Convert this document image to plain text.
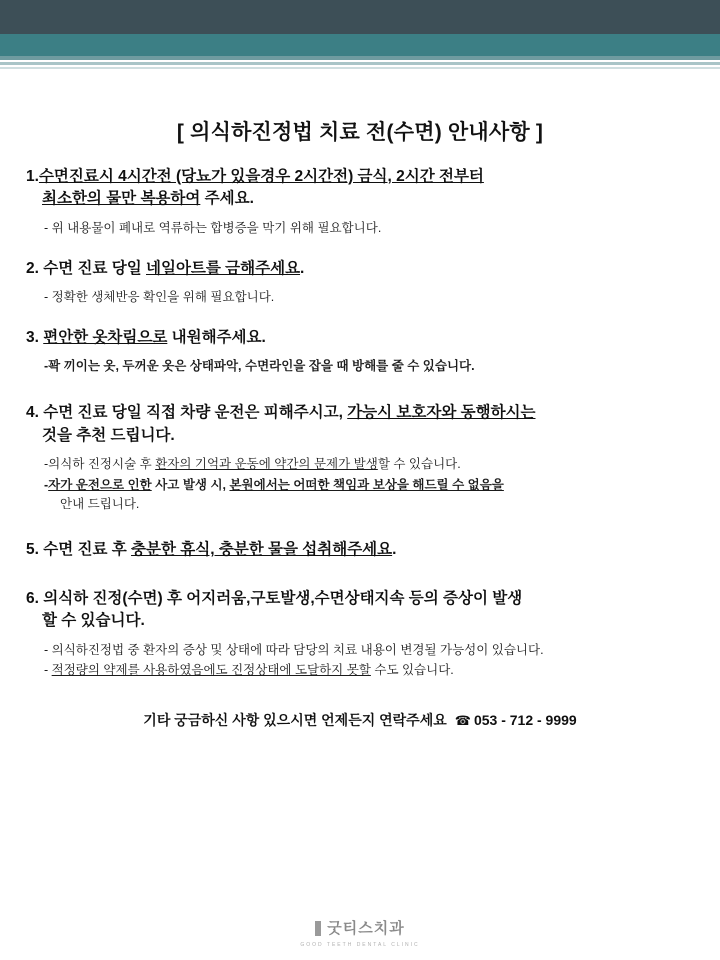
[ 의식하진정법 치료 전(수면) 안내사항 ]

1.수면진료시 4시간전 (당뇨가 있을경우 2시간전) 금식, 2시간 전부터
최소한의 물만 복용하여 주세요.

- 위 내용물이 폐내로 역류하는 합병증을 막기 위해 필요합니다.

2. 수면 진료 당일 네일아트를 금해주세요.

- 정확한 생체반응 확인을 위해 필요합니다.

3. 편안한 옷차림으로 내원해주세요.

-꽉 끼이는 옷, 두꺼운 옷은 상태파악, 수면라인을 잡을 때 방해를 줄 수 있습니다.

4. 수면 진료 당일 직접 차량 운전은 피해주시고, 가능시 보호자와 동행하시는
것을 추천 드립니다.

-의식하 진정시술 후 환자의 기억과 운동에 약간의 문제가 발생할 수 있습니다.

-자가 운전으로 인한 사고 발생 시, 본원에서는 어떠한 책임과 보상을 해드릴 수 없음을
안내 드립니다.

5. 수면 진료 후 충분한 휴식, 충분한 물을 섭취해주세요.

6. 의식하 진정(수면) 후 어지러움,구토발생,수면상태지속 등의 증상이 발생
할 수 있습니다.

- 의식하진정법 중 환자의 증상 및 상태에 따라 담당의 치료 내용이 변경될 가능성이 있습니다.

- 적정량의 약제를 사용하였음에도 진정상태에 도달하지 못할 수도 있습니다.

기타 궁금하신 사항 있으시면 언제든지 연락주세요 ☎ 053 - 712 - 9999
굿티스치과
GOOD TEETH DENTAL CLINIC
